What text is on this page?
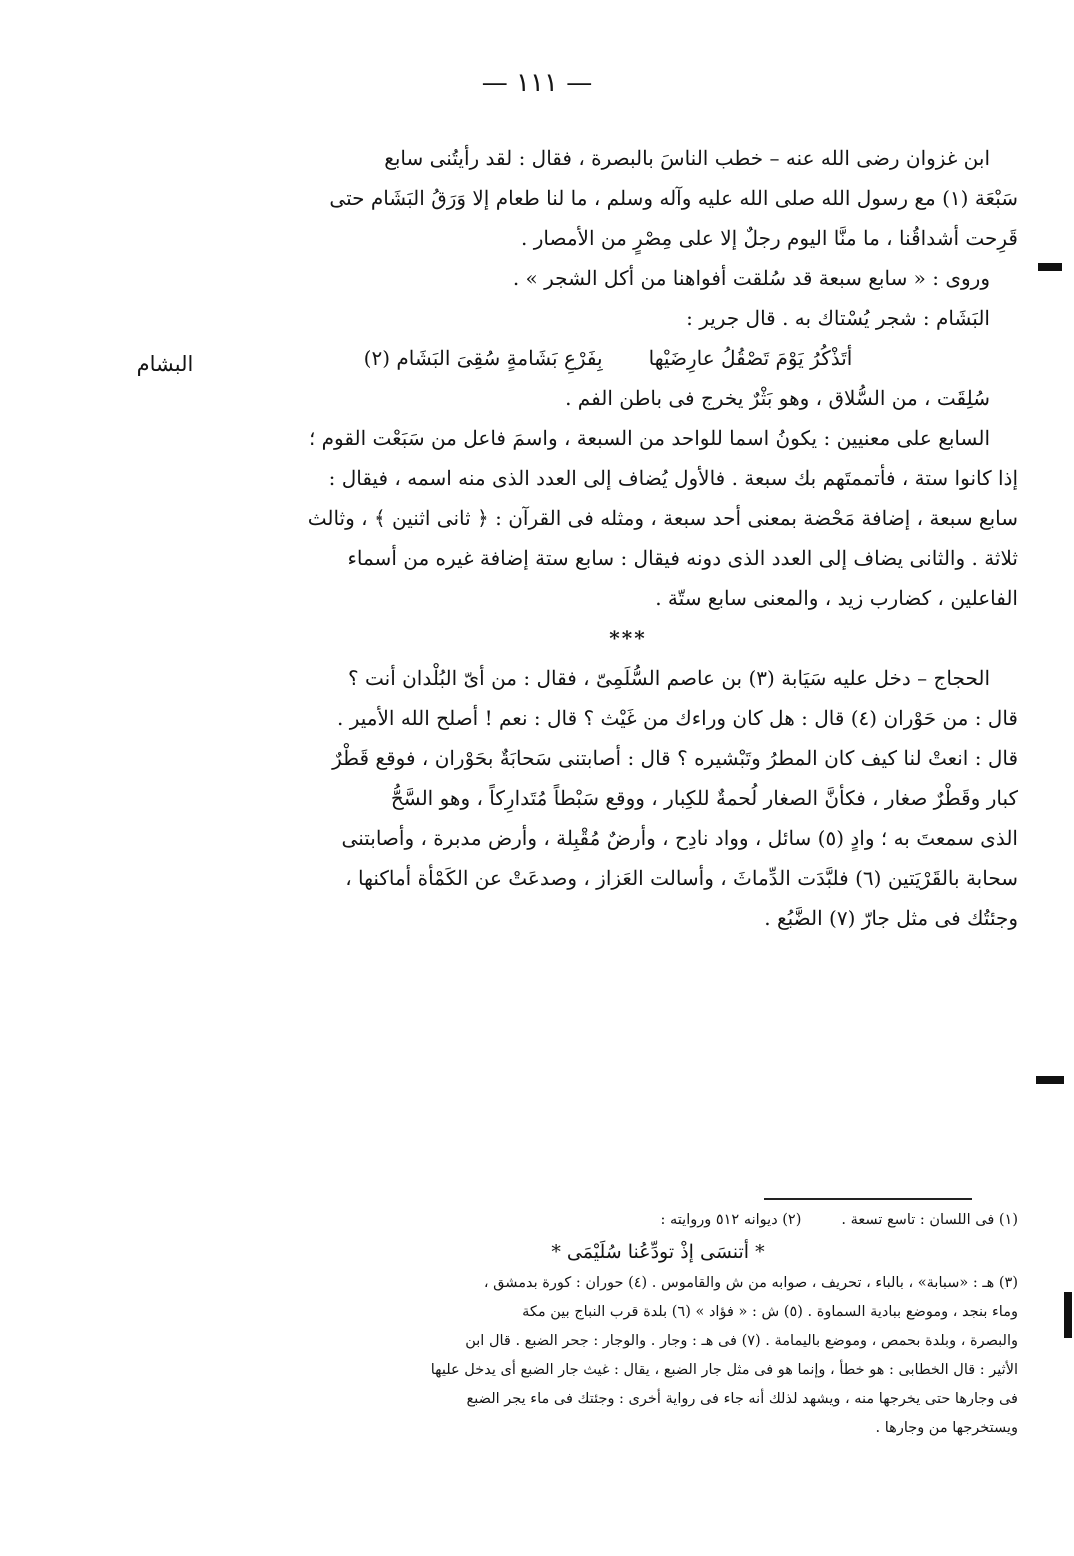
— ١١١ —
البشام

ابن غزوان رضى الله عنه – خطب الناسَ بالبصرة ، فقال : لقد رأيتُنى سابع

سَبْعَة (١) مع رسول الله صلى الله عليه وآله وسلم ، ما لنا طعام إلا وَرَقُ البَشَام حتى

قَرِحت أشداقُنا ، ما منَّا اليوم رجلٌ إلا على مِصْرٍ من الأمصار .

وروى : « سابع سبعة قد سُلقت أفواهنا من أكل الشجر » .

البَشَام : شجر يُسْتاك به . قال جرير :

أتَذْكُرُ يَوْمَ تَصْقُلُ عارِضَيْها
بِفَرْعِ بَشَامةٍ سُقِىَ البَشَام (٢)

سُلِقَت ، من السُّلاق ، وهو بَثْرٌ يخرج فى باطن الفم .

السابع على معنيين : يكونُ اسما للواحد من السبعة ، واسمَ فاعل من سَبَعْت القوم ؛

إذا كانوا ستة ، فأتممتَهم بك سبعة . فالأول يُضاف إلى العدد الذى منه اسمه ، فيقال :

سابع سبعة ، إضافة مَحْضة بمعنى أحد سبعة ، ومثله فى القرآن : ﴿ ثانى اثنين ﴾ ، وثالث

ثلاثة . والثانى يضاف إلى العدد الذى دونه فيقال : سابع ستة إضافة غيره من أسماء

الفاعلين ، كضارب زيد ، والمعنى سابع ستّة .

***

الحجاج – دخل عليه سَيَابة (٣) بن عاصم السُّلَمِىّ ، فقال : من أىّ البُلْدان أنت ؟

قال : من حَوْران (٤) قال : هل كان وراءك من غَيْث ؟ قال : نعم ! أصلح الله الأمير .

قال : انعتْ لنا كيف كان المطرُ وتَبْشيره ؟ قال : أصابتنى سَحابَةٌ بحَوْران ، فوقع قَطْرٌ

كبار وقَطْرٌ صغار ، فكأنَّ الصغار لُحمةٌ للكِبار ، ووقع سَبْطاً مُتَدارِكاً ، وهو السَّحُّ

الذى سمعتَ به ؛ وادٍ (٥) سائل ، وواد نادِح ، وأرضٌ مُقْبِلة ، وأرض مدبرة ، وأصابتنى

سحابة بالقَرْيَتين (٦) فلبَّدَت الدِّماثَ ، وأسالت العَزاز ، وصدعَتْ عن الكَمْأة أماكنها ،

وجئتُك فى مثل جارّ (٧) الضَّبُع .

(١) فى اللسان : تاسع تسعة .
(٢) ديوانه ٥١٢ وروايته :

* أتنسَى إذْ تودِّعُنا سُلَيْمَى *

(٣) هـ : «سبابة» ، بالباء ، تحريف ، صوابه من ش والقاموس . (٤) حوران : كورة بدمشق ،

وماء بنجد ، وموضع ببادية السماوة . (٥) ش : « فؤاد » (٦) بلدة قرب النباج بين مكة

والبصرة ، وبلدة بحمص ، وموضع باليمامة . (٧) فى هـ : وجار . والوجار : جحر الضبع . قال ابن

الأثير : قال الخطابى : هو خطأ ، وإنما هو فى مثل جار الضبع ، يقال : غيث جار الضبع أى يدخل عليها

فى وجارها حتى يخرجها منه ، ويشهد لذلك أنه جاء فى رواية أخرى : وجئتك فى ماء يجر الضبع

ويستخرجها من وجارها .
